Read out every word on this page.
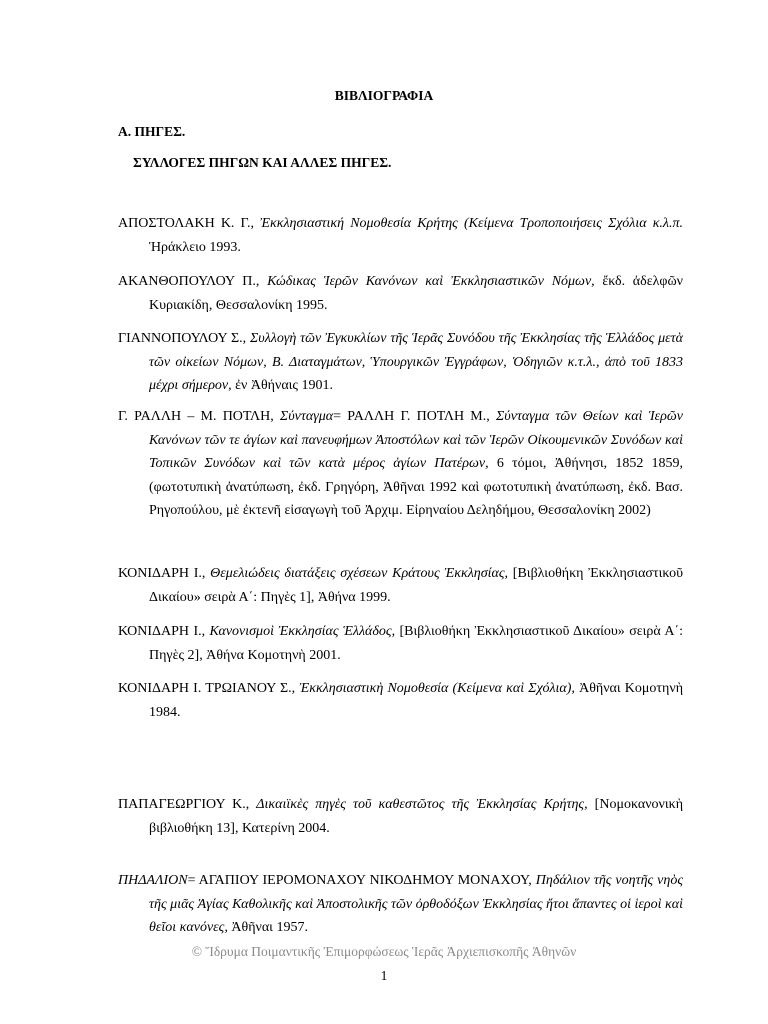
ΒΙΒΛΙΟΓΡΑΦΙΑ
Α. ΠΗΓΕΣ.
ΣΥΛΛΟΓΕΣ ΠΗΓΩΝ ΚΑΙ ΑΛΛΕΣ ΠΗΓΕΣ.
ΑΠΟΣΤΟΛΑΚΗ Κ. Γ., Ἐκκλησιαστική Νομοθεσία Κρήτης (Κείμενα Τροποποιήσεις Σχόλια κ.λ.π. Ἡράκλειο 1993.
ΑΚΑΝΘΟΠΟΥΛΟΥ Π., Κώδικας Ἱερῶν Κανόνων καὶ Ἐκκλησιαστικῶν Νόμων, ἔκδ. ἀδελφῶν Κυριακίδη, Θεσσαλονίκη 1995.
ΓΙΑΝΝΟΠΟΥΛΟΥ Σ., Συλλογὴ τῶν Ἐγκυκλίων τῆς Ἱερᾶς Συνόδου τῆς Ἐκκλησίας τῆς Ἑλλάδος μετὰ τῶν οἰκείων Νόμων, Β. Διαταγμάτων, Ὑπουργικῶν Ἐγγράφων, Ὁδηγιῶν κ.τ.λ., ἀπὸ τοῦ 1833 μέχρι σήμερον, ἐν Ἀθήναις 1901.
Γ. ΡΑΛΛΗ – Μ. ΠΟΤΛΗ, Σύνταγμα= ΡΑΛΛΗ Γ. ΠΟΤΛΗ Μ., Σύνταγμα τῶν Θείων καὶ Ἱερῶν Κανόνων τῶν τε ἁγίων καὶ πανευφήμων Ἀποστόλων καὶ τῶν Ἱερῶν Οἰκουμενικῶν Συνόδων καὶ Τοπικῶν Συνόδων καὶ τῶν κατὰ μέρος ἁγίων Πατέρων, 6 τόμοι, Ἀθήνησι, 1852 1859, (φωτοτυπικὴ ἀνατύπωση, ἐκδ. Γρηγόρη, Ἀθῆναι 1992 καὶ φωτοτυπικὴ ἀνατύπωση, ἐκδ. Βασ. Ρηγοπούλου, μὲ ἐκτενῆ εἰσαγωγὴ τοῦ Ἀρχιμ. Εἰρηναίου Δεληδήμου, Θεσσαλονίκη 2002)
ΚΟΝΙΔΑΡΗ Ι., Θεμελιώδεις διατάξεις σχέσεων Κράτους Ἐκκλησίας, [Βιβλιοθήκη Ἐκκλησιαστικοῦ Δικαίου» σειρὰ Α΄: Πηγὲς 1], Ἀθήνα 1999.
ΚΟΝΙΔΑΡΗ Ι., Κανονισμοὶ Ἐκκλησίας Ἑλλάδος, [Βιβλιοθήκη Ἐκκλησιαστικοῦ Δικαίου» σειρὰ Α΄: Πηγὲς 2], Ἀθήνα Κομοτηνὴ 2001.
ΚΟΝΙΔΑΡΗ Ι. ΤΡΩΙΑΝΟΥ Σ., Ἐκκλησιαστικὴ Νομοθεσία (Κείμενα καὶ Σχόλια), Ἀθῆναι Κομοτηνὴ 1984.
ΠΑΠΑΓΕΩΡΓΙΟΥ Κ., Δικαιϊκὲς πηγὲς τοῦ καθεστῶτος τῆς Ἐκκλησίας Κρήτης, [Νομοκανονικὴ βιβλιοθήκη 13], Κατερίνη 2004.
ΠΗΔΑΛΙΟΝ= ΑΓΑΠΙΟΥ ΙΕΡΟΜΟΝΑΧΟΥ ΝΙΚΟΔΗΜΟΥ ΜΟΝΑΧΟΥ, Πηδάλιον τῆς νοητῆς νηὸς τῆς μιᾶς Ἁγίας Καθολικῆς καὶ Ἀποστολικῆς τῶν ὀρθοδόξων Ἐκκλησίας ἤτοι ἅπαντες οἱ ἱεροὶ καὶ θεῖοι κανόνες, Ἀθῆναι 1957.
© Ἵδρυμα Ποιμαντικῆς Ἐπιμορφώσεως Ἱερᾶς Ἀρχιεπισκοπῆς Ἀθηνῶν
1
